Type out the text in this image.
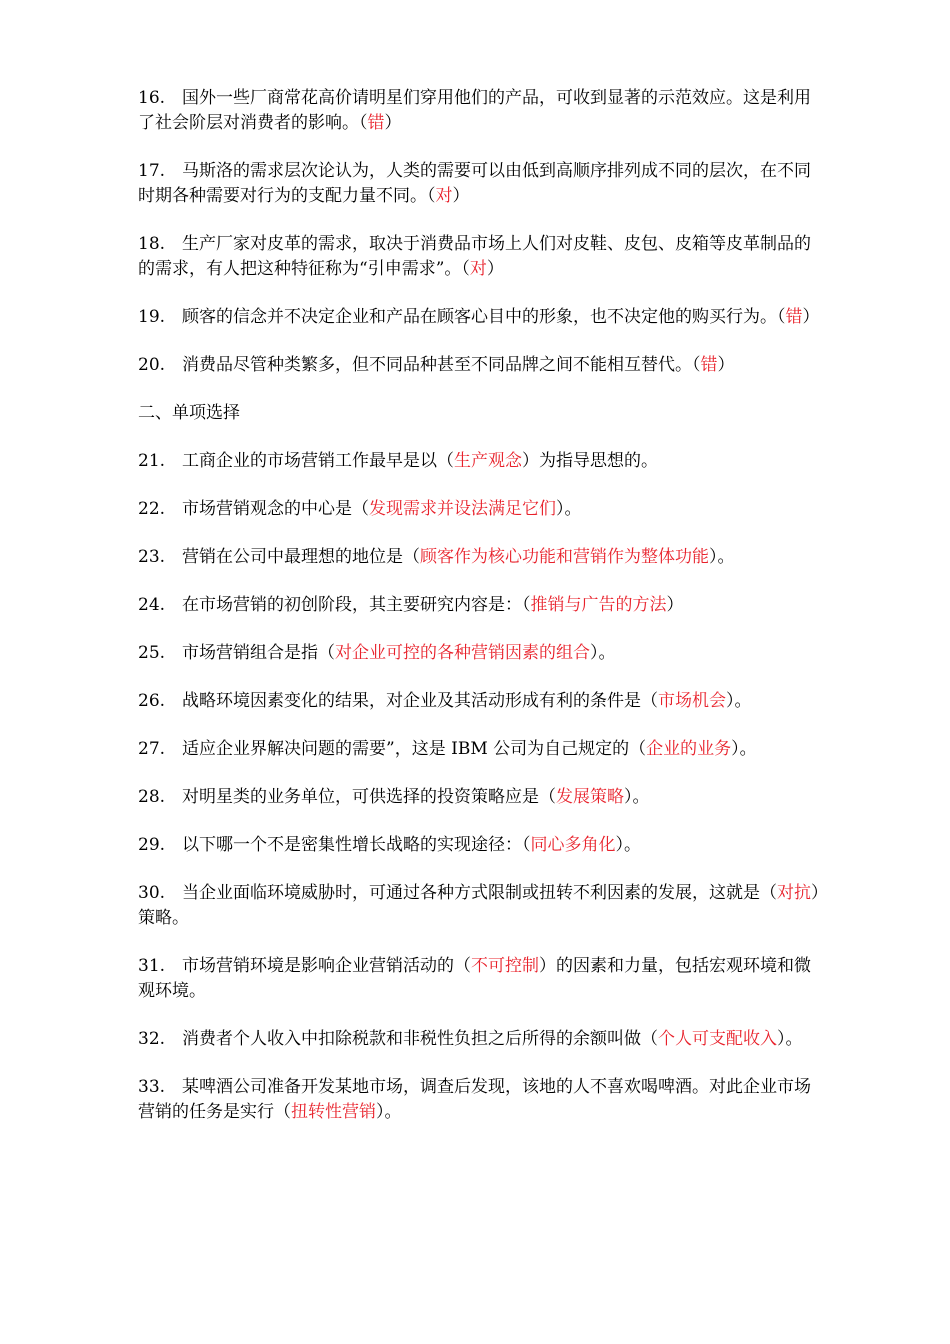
16.　国外一些厂商常花高价请明星们穿用他们的产品，可收到显著的示范效应。这是利用了社会阶层对消费者的影响。（错）

17.　马斯洛的需求层次论认为，人类的需要可以由低到高顺序排列成不同的层次，在不同时期各种需要对行为的支配力量不同。（对）

18.　生产厂家对皮革的需求，取决于消费品市场上人们对皮鞋、皮包、皮箱等皮革制品的的需求，有人把这种特征称为“引申需求”。（对）

19.　顾客的信念并不决定企业和产品在顾客心目中的形象，也不决定他的购买行为。（错）

20.　消费品尽管种类繁多，但不同品种甚至不同品牌之间不能相互替代。（错）

二、单项选择

21.　工商企业的市场营销工作最早是以（生产观念）为指导思想的。

22.　市场营销观念的中心是（发现需求并设法满足它们）。

23.　营销在公司中最理想的地位是（顾客作为核心功能和营销作为整体功能）。

24.　在市场营销的初创阶段，其主要研究内容是：（推销与广告的方法）

25.　市场营销组合是指（对企业可控的各种营销因素的组合）。

26.　战略环境因素变化的结果，对企业及其活动形成有利的条件是（市场机会）。

27.　适应企业界解决问题的需要”，这是 IBM 公司为自己规定的（企业的业务）。

28.　对明星类的业务单位，可供选择的投资策略应是（发展策略）。

29.　以下哪一个不是密集性增长战略的实现途径：（同心多角化）。

30.　当企业面临环境威胁时，可通过各种方式限制或扭转不利因素的发展，这就是（对抗）策略。

31.　市场营销环境是影响企业营销活动的（不可控制）的因素和力量，包括宏观环境和微观环境。

32.　消费者个人收入中扣除税款和非税性负担之后所得的余额叫做（个人可支配收入）。

33.　某啤酒公司准备开发某地市场，调查后发现，该地的人不喜欢喝啤酒。对此企业市场营销的任务是实行（扭转性营销）。
